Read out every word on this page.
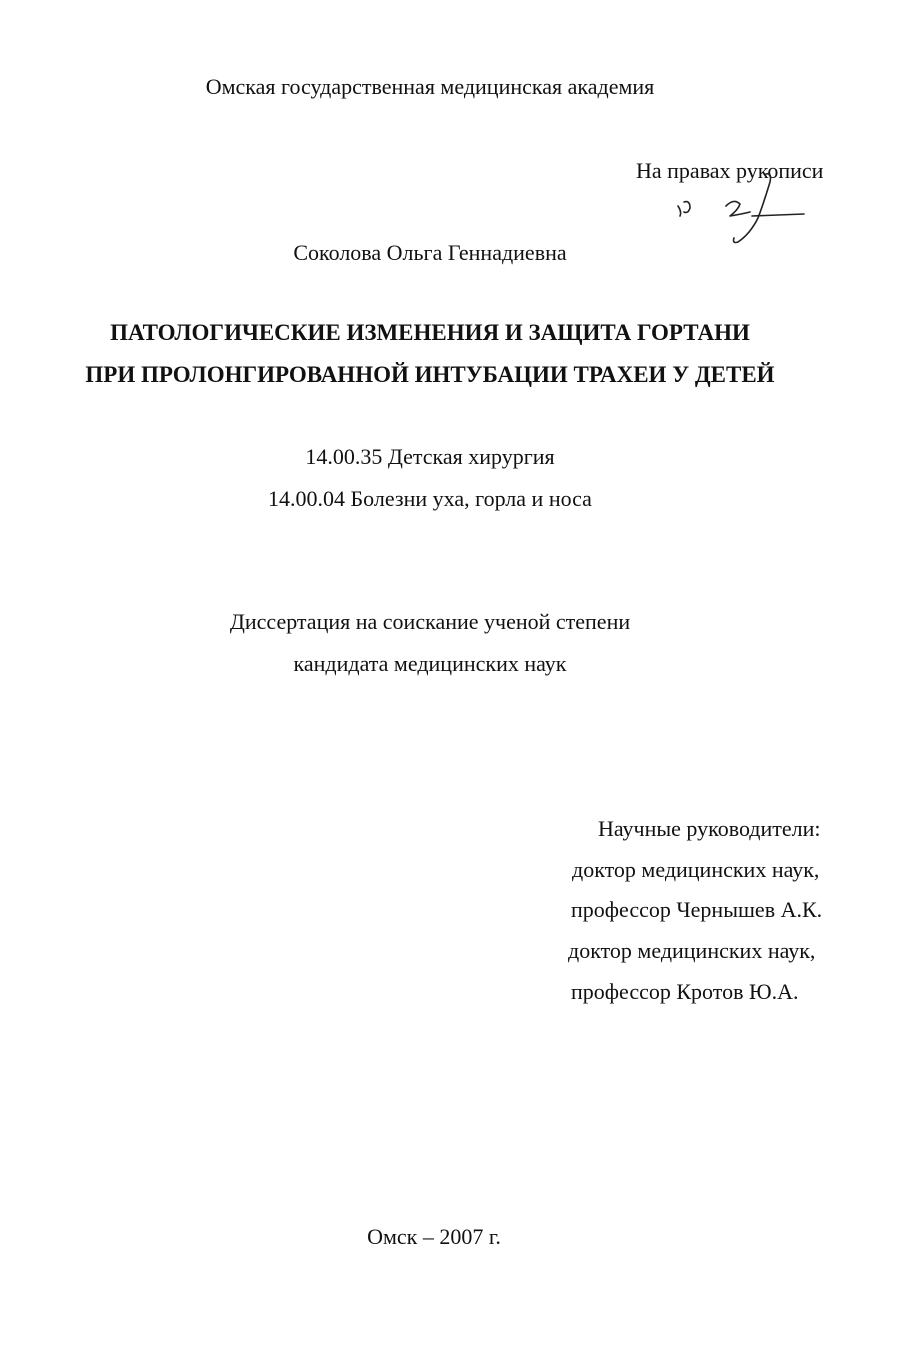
Омская государственная медицинская академия
На правах рукописи
Соколова Ольга Геннадиевна
ПАТОЛОГИЧЕСКИЕ ИЗМЕНЕНИЯ И ЗАЩИТА ГОРТАНИ
ПРИ ПРОЛОНГИРОВАННОЙ ИНТУБАЦИИ ТРАХЕИ У ДЕТЕЙ
14.00.35 Детская хирургия
14.00.04 Болезни уха, горла и носа
Диссертация на соискание ученой степени
кандидата медицинских наук
Научные руководители:
доктор медицинских наук,
профессор Чернышев А.К.
доктор медицинских наук,
профессор Кротов Ю.А.
Омск – 2007 г.
